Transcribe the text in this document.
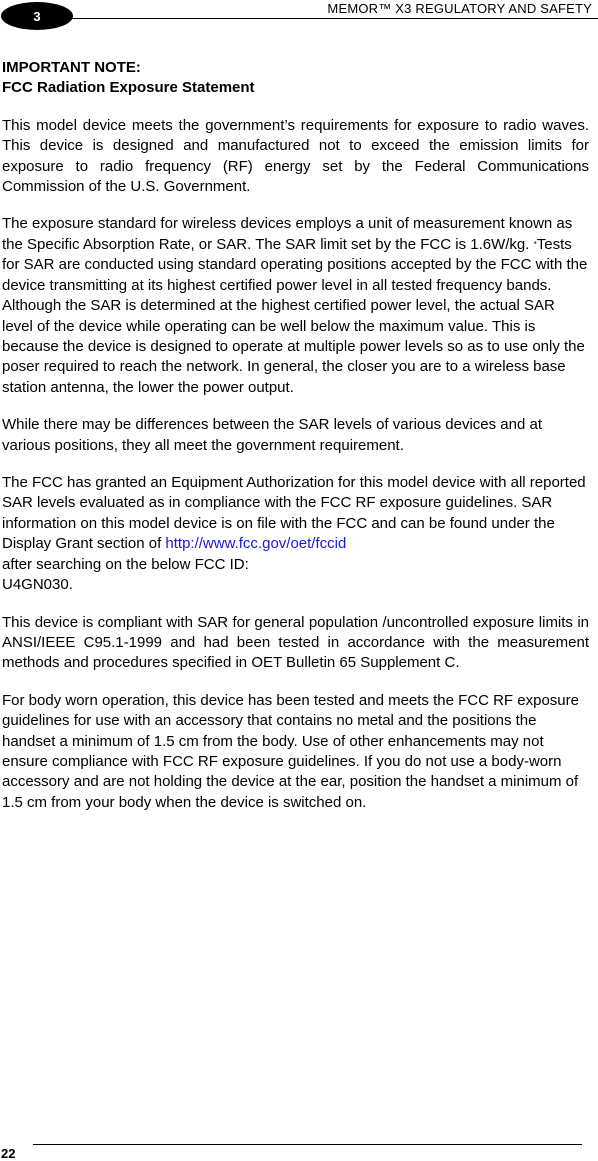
3	MEMOR™ X3 REGULATORY AND SAFETY

IMPORTANT NOTE:
FCC Radiation Exposure Statement

This model device meets the government’s requirements for exposure to radio waves. This device is designed and manufactured not to exceed the emission limits for exposure to radio frequency (RF) energy set by the Federal Communications Commission of the U.S. Government.

The exposure standard for wireless devices employs a unit of measurement known as the Specific Absorption Rate, or SAR. The SAR limit set by the FCC is 1.6W/kg. *Tests for SAR are conducted using standard operating positions accepted by the FCC with the device transmitting at its highest certified power level in all tested frequency bands. Although the SAR is determined at the highest certified power level, the actual SAR level of the device while operating can be well below the maximum value. This is because the device is designed to operate at multiple power levels so as to use only the poser required to reach the network. In general, the closer you are to a wireless base station antenna, the lower the power output.

While there may be differences between the SAR levels of various devices and at various positions, they all meet the government requirement.

The FCC has granted an Equipment Authorization for this model device with all reported SAR levels evaluated as in compliance with the FCC RF exposure guidelines. SAR information on this model device is on file with the FCC and can be found under the Display Grant section of http://www.fcc.gov/oet/fccid
after searching on the below FCC ID:
U4GN030.

This device is compliant with SAR for general population /uncontrolled exposure limits in ANSI/IEEE C95.1-1999 and had been tested in accordance with the measurement methods and procedures specified in OET Bulletin 65 Supplement C.

For body worn operation, this device has been tested and meets the FCC RF exposure guidelines for use with an accessory that contains no metal and the positions the handset a minimum of 1.5 cm from the body. Use of other enhancements may not ensure compliance with FCC RF exposure guidelines. If you do not use a body-worn accessory and are not holding the device at the ear, position the handset a minimum of 1.5 cm from your body when the device is switched on.

22
